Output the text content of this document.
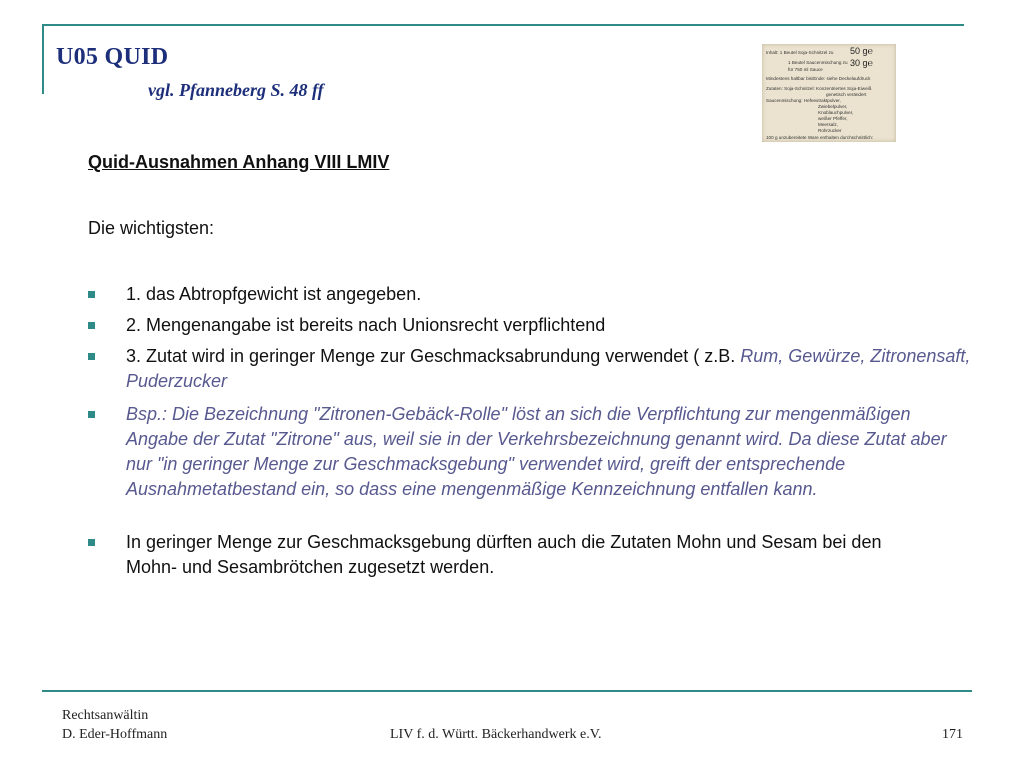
U05 QUID
vgl. Pfanneberg S. 48 ff
Inhalt: 1 Beutel Soja-Schnitzel zu 50 g℮
1 Beutel Saucenmischung zu 30 g℮
für 750 ml Sauce
Mindestens haltbar bis/Ende: siehe Deckelaufdruck
Zutaten: Soja-Schnitzel: Konzentriertes Soja-Eiweiß
genetisch verändert
Saucenmischung: Hefeextraktpulver,
Zwiebelpulver,
Knoblauchpulver,
weißer Pfeffer,
Meersalz,
Rohrzucker
100 g unzubereitete Ware enthalten durchschnittlich:
Quid-Ausnahmen Anhang VIII LMIV
Die wichtigsten:
1. das Abtropfgewicht ist angegeben.
2. Mengenangabe ist bereits nach Unionsrecht verpflichtend
3. Zutat wird in geringer Menge zur Geschmacksabrundung verwendet ( z.B. Rum, Gewürze, Zitronensaft, Puderzucker
Bsp.: Die Bezeichnung "Zitronen-Gebäck-Rolle" löst an sich die Verpflichtung zur mengenmäßigen Angabe der Zutat "Zitrone" aus, weil sie in der Verkehrsbezeichnung genannt wird. Da diese Zutat aber nur "in geringer Menge zur Geschmacksgebung" verwendet wird, greift der entsprechende Ausnahmetatbestand ein, so dass eine mengenmäßige Kennzeichnung entfallen kann.
In geringer Menge zur Geschmacksgebung dürften auch die Zutaten Mohn und Sesam bei den Mohn- und Sesambrötchen zugesetzt werden.
Rechtsanwältin
D. Eder-Hoffmann	LIV f. d. Württ. Bäckerhandwerk e.V.	171
